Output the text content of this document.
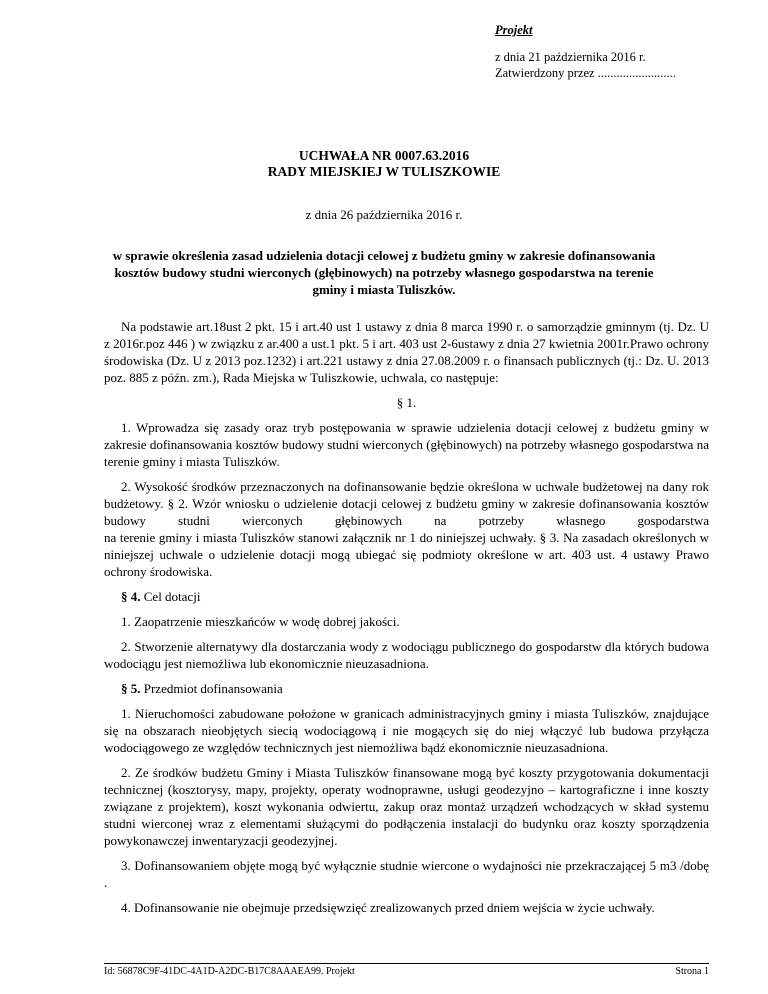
Projekt
z dnia 21 października 2016 r.
Zatwierdzony przez .........................
UCHWAŁA NR 0007.63.2016
RADY MIEJSKIEJ W TULISZKOWIE
z dnia 26 października 2016 r.
w sprawie określenia zasad udzielenia dotacji celowej z budżetu gminy w zakresie dofinansowania kosztów budowy studni wierconych (głębinowych) na potrzeby własnego gospodarstwa na terenie gminy i miasta Tuliszków.

Na podstawie art.18ust 2 pkt. 15 i art.40 ust 1 ustawy z dnia 8 marca 1990 r. o samorządzie gminnym (tj. Dz. U z 2016r.poz 446 ) w związku z ar.400 a ust.1 pkt. 5 i art. 403 ust 2-6ustawy z dnia 27 kwietnia 2001r.Prawo ochrony środowiska (Dz. U z 2013 poz.1232) i art.221 ustawy z dnia 27.08.2009 r. o finansach publicznych (tj.: Dz. U. 2013 poz. 885 z późn. zm.), Rada Miejska w Tuliszkowie, uchwala, co następuje:

§ 1.

1. Wprowadza się zasady oraz tryb postępowania w sprawie udzielenia dotacji celowej z budżetu gminy w zakresie dofinansowania kosztów budowy studni wierconych (głębinowych) na potrzeby własnego gospodarstwa na terenie gminy i miasta Tuliszków.

2. Wysokość środków przeznaczonych na dofinansowanie będzie określona w uchwale budżetowej na dany rok budżetowy. § 2. Wzór wniosku o udzielenie dotacji celowej z budżetu gminy w zakresie dofinansowania kosztów budowy studni wierconych głębinowych na potrzeby własnego gospodarstwa

na terenie gminy i miasta Tuliszków stanowi załącznik nr 1 do niniejszej uchwały. § 3. Na zasadach określonych w niniejszej uchwale o udzielenie dotacji mogą ubiegać się podmioty określone w art. 403 ust. 4 ustawy Prawo ochrony środowiska.

§ 4. Cel dotacji

1. Zaopatrzenie mieszkańców w wodę dobrej jakości.

2. Stworzenie alternatywy dla dostarczania wody z wodociągu publicznego do gospodarstw dla których budowa wodociągu jest niemożliwa lub ekonomicznie nieuzasadniona.

§ 5. Przedmiot dofinansowania

1. Nieruchomości zabudowane położone w granicach administracyjnych gminy i miasta Tuliszków, znajdujące się na obszarach nieobjętych siecią wodociągową i nie mogących się do niej włączyć lub budowa przyłącza wodociągowego ze względów technicznych jest niemożliwa bądź ekonomicznie nieuzasadniona.

2. Ze środków budżetu Gminy i Miasta Tuliszków finansowane mogą być koszty przygotowania dokumentacji technicznej (kosztorysy, mapy, projekty, operaty wodnoprawne, usługi geodezyjno – kartograficzne i inne koszty związane z projektem), koszt wykonania odwiertu, zakup oraz montaż urządzeń wchodzących w skład systemu studni wierconej wraz z elementami służącymi do podłączenia instalacji do budynku oraz koszty sporządzenia powykonawczej inwentaryzacji geodezyjnej.

3. Dofinansowaniem objęte mogą być wyłącznie studnie wiercone o wydajności nie przekraczającej 5 m3 /dobę .

4. Dofinansowanie nie obejmuje przedsięwzięć zrealizowanych przed dniem wejścia w życie uchwały.

Id: 56878C9F-41DC-4A1D-A2DC-B17C8AAAEA99. Projekt	Strona 1
